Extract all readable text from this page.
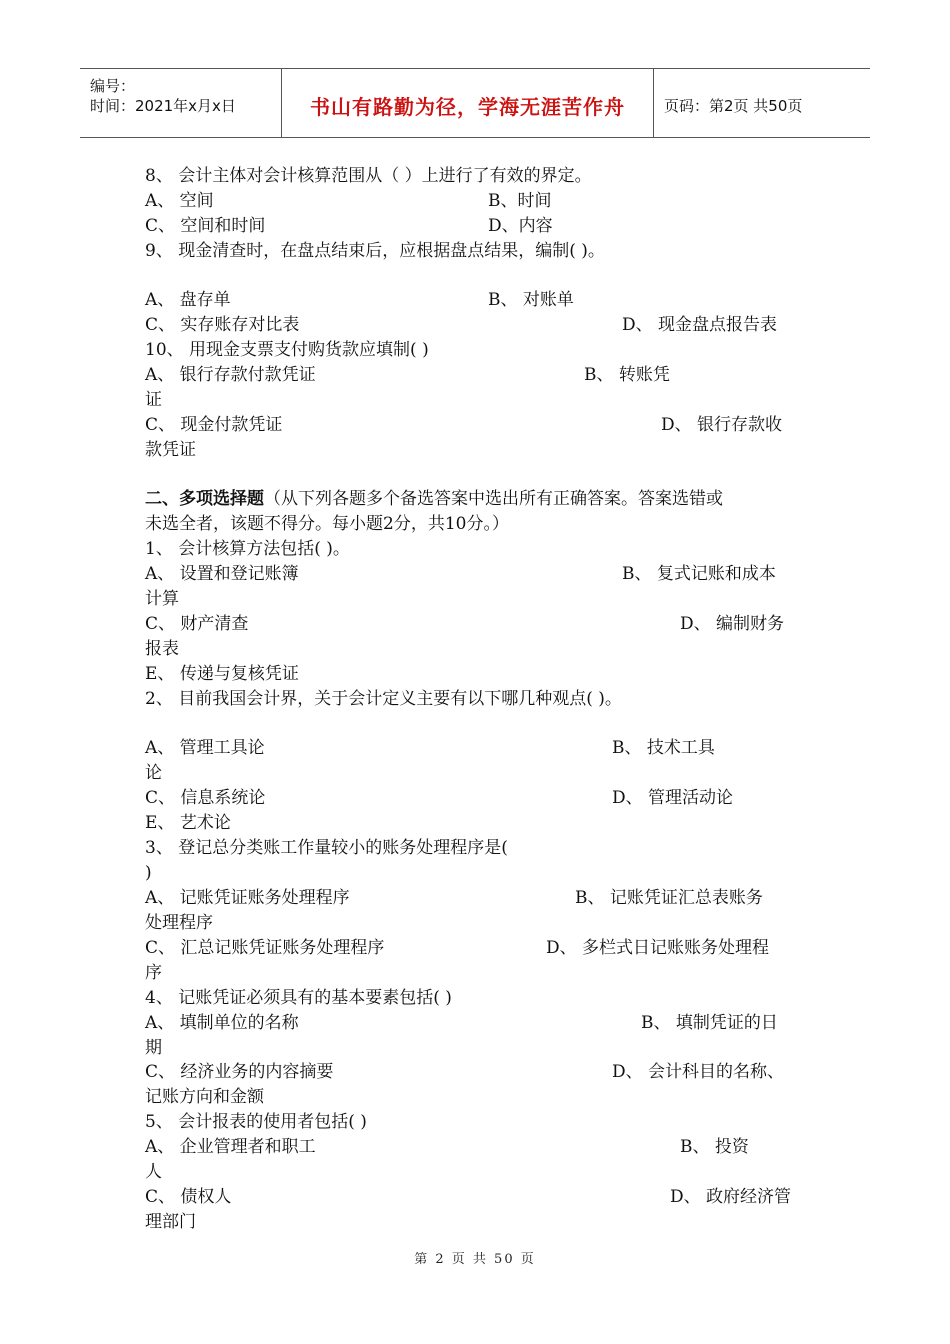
编号：
时间：2021年x月x日	书山有路勤为径，学海无涯苦作舟	页码：第2页 共50页
8、 会计主体对会计核算范围从（ ）上进行了有效的界定。
A、 空间	B、时间
C、 空间和时间	D、内容
9、 现金清查时，在盘点结束后，应根据盘点结果，编制( )。
A、 盘存单	B、 对账单
C、 实存账存对比表	D、 现金盘点报告表
10、 用现金支票支付购货款应填制( )
A、 银行存款付款凭证	B、 转账凭
证
C、 现金付款凭证	D、 银行存款收
款凭证
二、多项选择题（从下列各题多个备选答案中选出所有正确答案。答案选错或
未选全者，该题不得分。每小题2分，共10分。）
1、 会计核算方法包括( )。
A、 设置和登记账簿	B、 复式记账和成本
计算
C、 财产清查	D、 编制财务
报表
E、 传递与复核凭证
2、 目前我国会计界，关于会计定义主要有以下哪几种观点( )。
A、 管理工具论	B、 技术工具
论
C、 信息系统论	D、 管理活动论
E、 艺术论
3、 登记总分类账工作量较小的账务处理程序是(
)
A、 记账凭证账务处理程序	B、 记账凭证汇总表账务
处理程序
C、 汇总记账凭证账务处理程序	D、 多栏式日记账账务处理程
序
4、 记账凭证必须具有的基本要素包括( )
A、 填制单位的名称	B、 填制凭证的日
期
C、 经济业务的内容摘要	D、 会计科目的名称、
记账方向和金额
5、 会计报表的使用者包括( )
A、 企业管理者和职工	B、 投资
人
C、 债权人	D、 政府经济管
理部门
第 2 页 共 50 页
